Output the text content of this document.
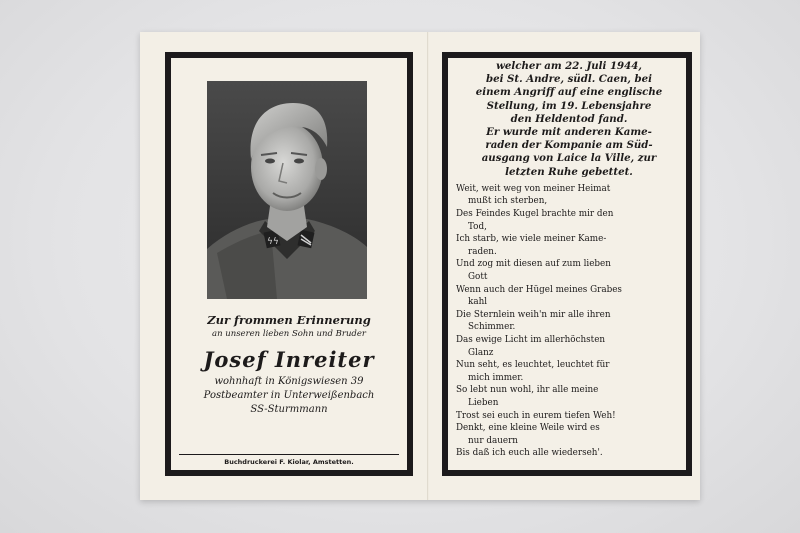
ϟϟ
Zur frommen Erinnerung
an unseren lieben Sohn und Bruder
Josef Inreiter
wohnhaft in Königswiesen 39
Postbeamter in Unterweißenbach
SS-Sturmmann
Buchdruckerei F. Kiolar, Amstetten.
welcher am 22. Juli 1944,
bei St. Andre, südl. Caen, bei
einem Angriff auf eine englische
Stellung, im 19. Lebensjahre
den Heldentod fand.
Er wurde mit anderen Kame-
raden der Kompanie am Süd-
ausgang von Laice la Ville, zur
letzten Ruhe gebettet.
Weit, weit weg von meiner Heimat
mußt ich sterben,
Des Feindes Kugel brachte mir den
Tod,
Ich starb, wie viele meiner Kame-
raden.
Und zog mit diesen auf zum lieben
Gott
Wenn auch der Hügel meines Grabes
kahl
Die Sternlein weih'n mir alle ihren
Schimmer.
Das ewige Licht im allerhöchsten
Glanz
Nun seht, es leuchtet, leuchtet für
mich immer.
So lebt nun wohl, ihr alle meine
Lieben
Trost sei euch in eurem tiefen Weh!
Denkt, eine kleine Weile wird es
nur dauern
Bis daß ich euch alle wiederseh'.
